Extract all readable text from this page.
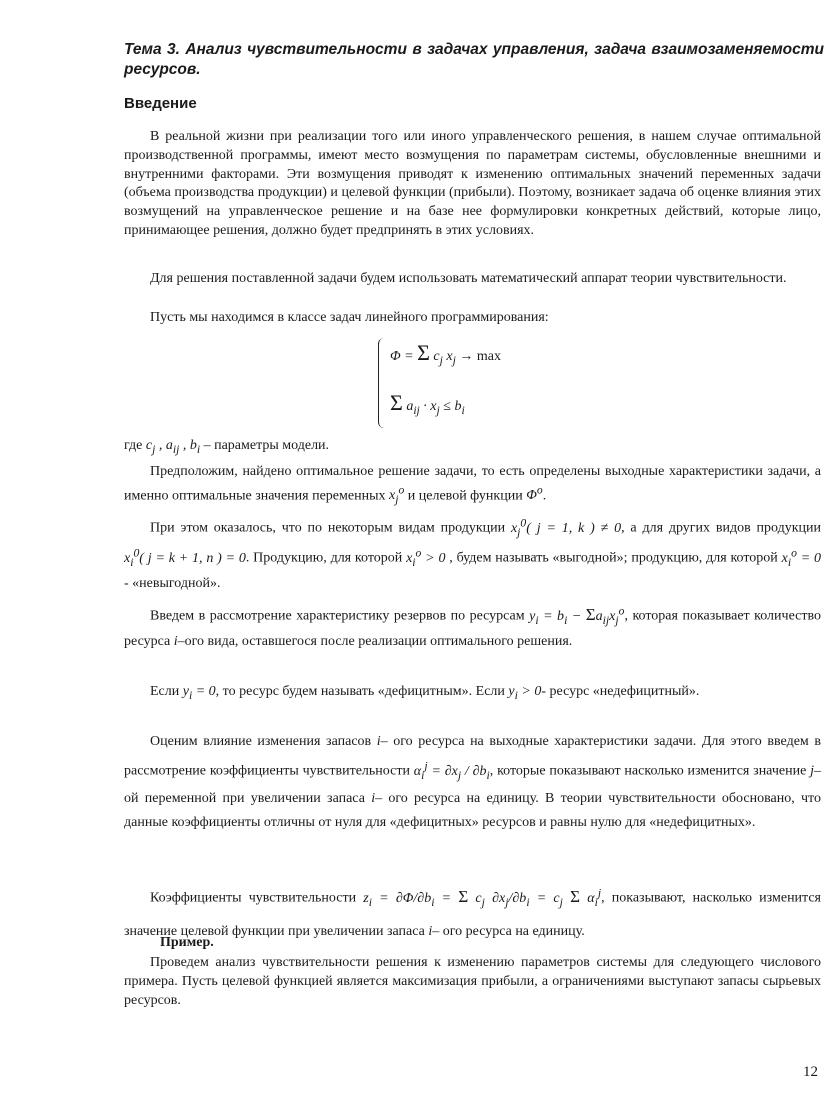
Тема 3. Анализ чувствительности в задачах управления, задача взаимозаменяемости ресурсов.
Введение

В реальной жизни при реализации того или иного управленческого решения, в нашем случае оптимальной производственной программы, имеют место возмущения по параметрам системы, обусловленные внешними и внутренними факторами. Эти возмущения приводят к изменению оптимальных значений переменных задачи (объема производства продукции) и целевой функции (прибыли). Поэтому, возникает задача об оценке влияния этих возмущений на управленческое решение и на базе нее формулировки конкретных действий, которые лицо, принимающее решения, должно будет предпринять в этих условиях.

Для решения поставленной задачи будем использовать математический аппарат теории чувствительности.

Пусть мы находимся в классе задач линейного программирования:

Φ = Σ $c_j$ $x_j \to \max$
Σ $a_{ij} \cdot x_j \le b_i$

где $c_j$ , $a_{ij}$ , $b_i$ – параметры модели.

Предположим, найдено оптимальное решение задачи, то есть определены выходные характеристики задачи, а именно оптимальные значения переменных $x_j^o$ и целевой функции $\Phi^o$.

При этом оказалось, что по некоторым видам продукции $x_j^0$( j = 1, k ) ≠ 0, а для других видов продукции $x_i^0$( j = k + 1, n ) = 0. Продукцию, для которой $x_i^o > 0$ , будем называть «выгодной»; продукцию, для которой $x_i^o = 0$ - «невыгодной».

Введем в рассмотрение характеристику резервов по ресурсам $y_i = b_i - \Sigma a_{ij}x_j^o$, которая показывает количество ресурса i–ого вида, оставшегося после реализации оптимального решения.

Если $y_i = 0$, то ресурс будем называть «дефицитным». Если $y_i > 0-$ ресурс «недефицитный».

Оценим влияние изменения запасов i– ого ресурса на выходные характеристики задачи. Для этого введем в рассмотрение коэффициенты чувствительности $\alpha_i^j = \partial x_j / \partial b_i$, которые показывают насколько изменится значение j– ой переменной при увеличении запаса i– ого ресурса на единицу. В теории чувствительности обосновано, что данные коэффициенты отличны от нуля для «дефицитных» ресурсов и равны нулю для «недефицитных».

Коэффициенты чувствительности $z_i = \partial\Phi/\partial b_i = \Sigma$ $c_j$ $\partial x_j/\partial b_i = c_j$ Σ $\alpha_i^j$, показывают, насколько изменится значение целевой функции при увеличении запаса i– ого ресурса на единицу.

Пример.

Проведем анализ чувствительности решения к изменению параметров системы для следующего числового примера. Пусть целевой функцией является максимизация прибыли, а ограничениями выступают запасы сырьевых ресурсов.

12
